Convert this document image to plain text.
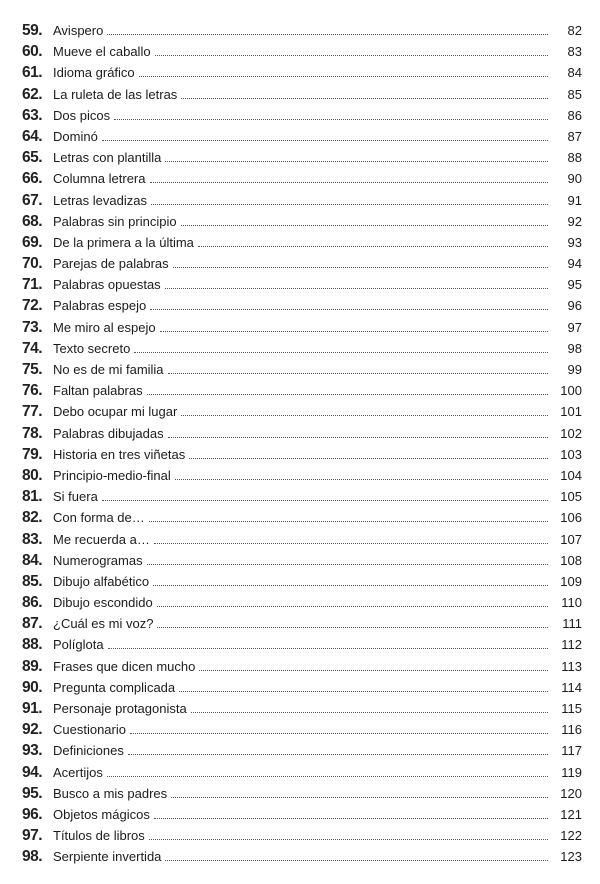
59. Avispero	82
60. Mueve el caballo	83
61. Idioma gráfico	84
62. La ruleta de las letras	85
63. Dos picos	86
64. Dominó	87
65. Letras con plantilla	88
66. Columna letrera	90
67. Letras levadizas	91
68. Palabras sin principio	92
69. De la primera a la última	93
70. Parejas de palabras	94
71. Palabras opuestas	95
72. Palabras espejo	96
73. Me miro al espejo	97
74. Texto secreto	98
75. No es de mi familia	99
76. Faltan palabras	100
77. Debo ocupar mi lugar	101
78. Palabras dibujadas	102
79. Historia en tres viñetas	103
80. Principio-medio-final	104
81. Si fuera	105
82. Con forma de…	106
83. Me recuerda a…	107
84. Numerogramas	108
85. Dibujo alfabético	109
86. Dibujo escondido	110
87. ¿Cuál es mi voz?	111
88. Políglota	112
89. Frases que dicen mucho	113
90. Pregunta complicada	114
91. Personaje protagonista	115
92. Cuestionario	116
93. Definiciones	117
94. Acertijos	119
95. Busco a mis padres	120
96. Objetos mágicos	121
97. Títulos de libros	122
98. Serpiente invertida	123
